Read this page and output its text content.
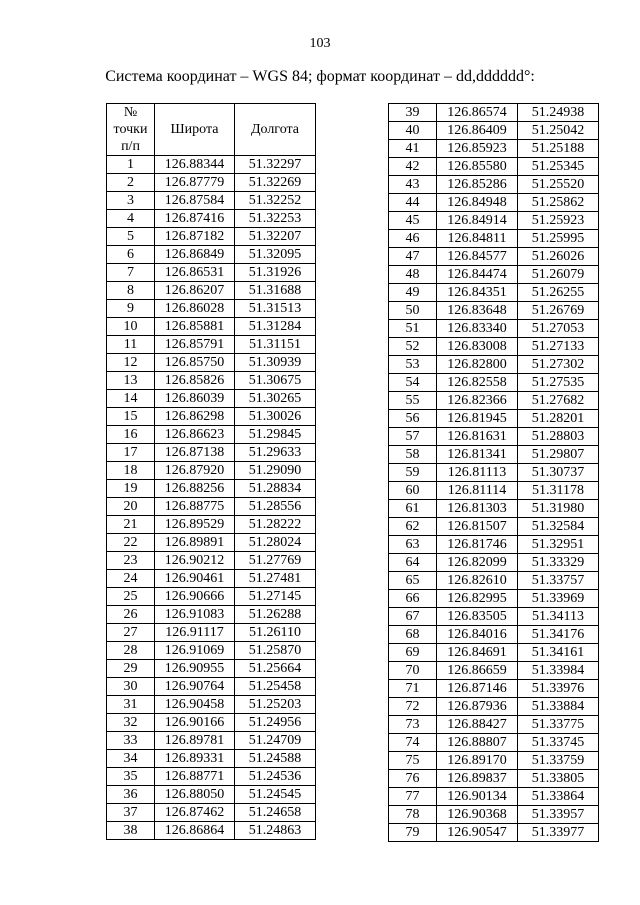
103
Система координат – WGS 84; формат координат – dd,dddddd°:
№
точки
п/п	Широта	Долгота
1	126.88344	51.32297
2	126.87779	51.32269
3	126.87584	51.32252
4	126.87416	51.32253
5	126.87182	51.32207
6	126.86849	51.32095
7	126.86531	51.31926
8	126.86207	51.31688
9	126.86028	51.31513
10	126.85881	51.31284
11	126.85791	51.31151
12	126.85750	51.30939
13	126.85826	51.30675
14	126.86039	51.30265
15	126.86298	51.30026
16	126.86623	51.29845
17	126.87138	51.29633
18	126.87920	51.29090
19	126.88256	51.28834
20	126.88775	51.28556
21	126.89529	51.28222
22	126.89891	51.28024
23	126.90212	51.27769
24	126.90461	51.27481
25	126.90666	51.27145
26	126.91083	51.26288
27	126.91117	51.26110
28	126.91069	51.25870
29	126.90955	51.25664
30	126.90764	51.25458
31	126.90458	51.25203
32	126.90166	51.24956
33	126.89781	51.24709
34	126.89331	51.24588
35	126.88771	51.24536
36	126.88050	51.24545
37	126.87462	51.24658
38	126.86864	51.24863
39	126.86574	51.24938
40	126.86409	51.25042
41	126.85923	51.25188
42	126.85580	51.25345
43	126.85286	51.25520
44	126.84948	51.25862
45	126.84914	51.25923
46	126.84811	51.25995
47	126.84577	51.26026
48	126.84474	51.26079
49	126.84351	51.26255
50	126.83648	51.26769
51	126.83340	51.27053
52	126.83008	51.27133
53	126.82800	51.27302
54	126.82558	51.27535
55	126.82366	51.27682
56	126.81945	51.28201
57	126.81631	51.28803
58	126.81341	51.29807
59	126.81113	51.30737
60	126.81114	51.31178
61	126.81303	51.31980
62	126.81507	51.32584
63	126.81746	51.32951
64	126.82099	51.33329
65	126.82610	51.33757
66	126.82995	51.33969
67	126.83505	51.34113
68	126.84016	51.34176
69	126.84691	51.34161
70	126.86659	51.33984
71	126.87146	51.33976
72	126.87936	51.33884
73	126.88427	51.33775
74	126.88807	51.33745
75	126.89170	51.33759
76	126.89837	51.33805
77	126.90134	51.33864
78	126.90368	51.33957
79	126.90547	51.33977
